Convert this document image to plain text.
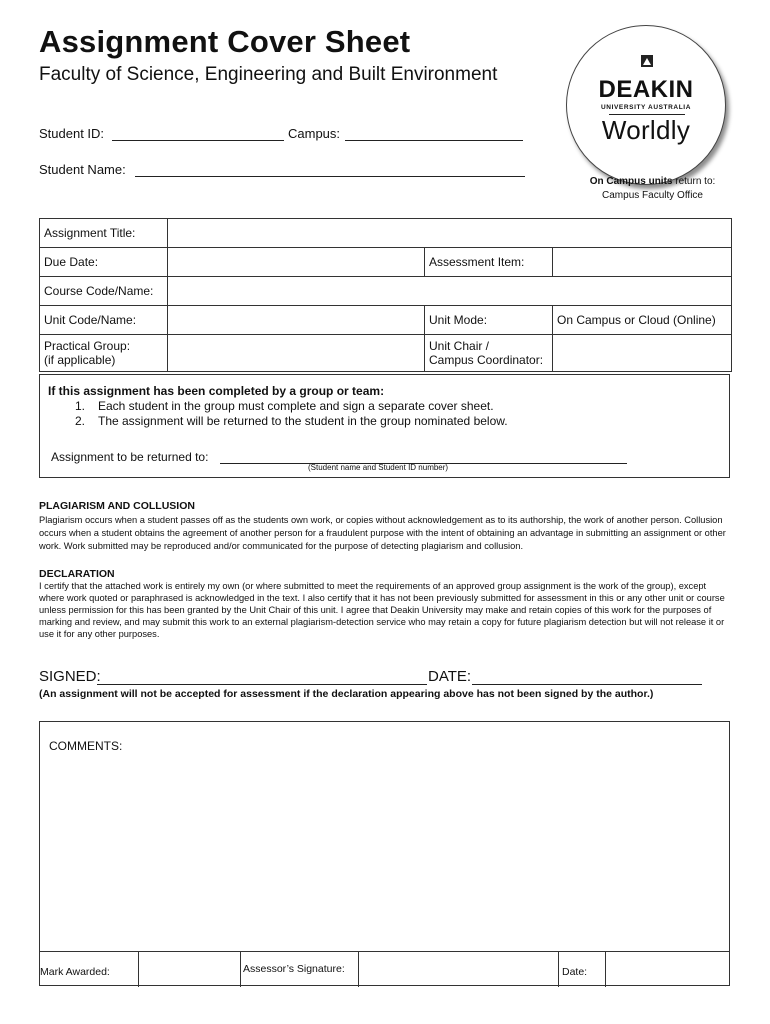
Assignment Cover Sheet
Faculty of Science, Engineering and Built Environment
Student ID:	Campus:
Student Name:
DEAKIN
UNIVERSITY AUSTRALIA
Worldly
On Campus units return to:
Campus Faculty Office
Assignment Title:			
Due Date:		Assessment Item:	
Course Code/Name:			
Unit Code/Name:		Unit Mode:	On Campus or Cloud (Online)
Practical Group:
(if applicable)		Unit Chair /
Campus Coordinator:	
If this assignment has been completed by a group or team:
1. Each student in the group must complete and sign a separate cover sheet.
2. The assignment will be returned to the student in the group nominated below.
Assignment to be returned to:
(Student name and Student ID number)
PLAGIARISM AND COLLUSION
Plagiarism occurs when a student passes off as the students own work, or copies without acknowledgement as to its authorship, the work of another person. Collusion occurs when a student obtains the agreement of another person for a fraudulent purpose with the intent of obtaining an advantage in submitting an assignment or other work. Work submitted may be reproduced and/or communicated for the purpose of detecting plagiarism and collusion.
DECLARATION
I certify that the attached work is entirely my own (or where submitted to meet the requirements of an approved group assignment is the work of the group), except where work quoted or paraphrased is acknowledged in the text. I also certify that it has not been previously submitted for assessment in this or any other unit or course unless permission for this has been granted by the Unit Chair of this unit. I agree that Deakin University may make and retain copies of this work for the purposes of marking and review, and may submit this work to an external plagiarism-detection service who may retain a copy for future plagiarism detection but will not release it or use it for any other purposes.
SIGNED:	DATE:
(An assignment will not be accepted for assessment if the declaration appearing above has not been signed by the author.)
COMMENTS:
Mark Awarded:	Assessor’s Signature:	Date:
